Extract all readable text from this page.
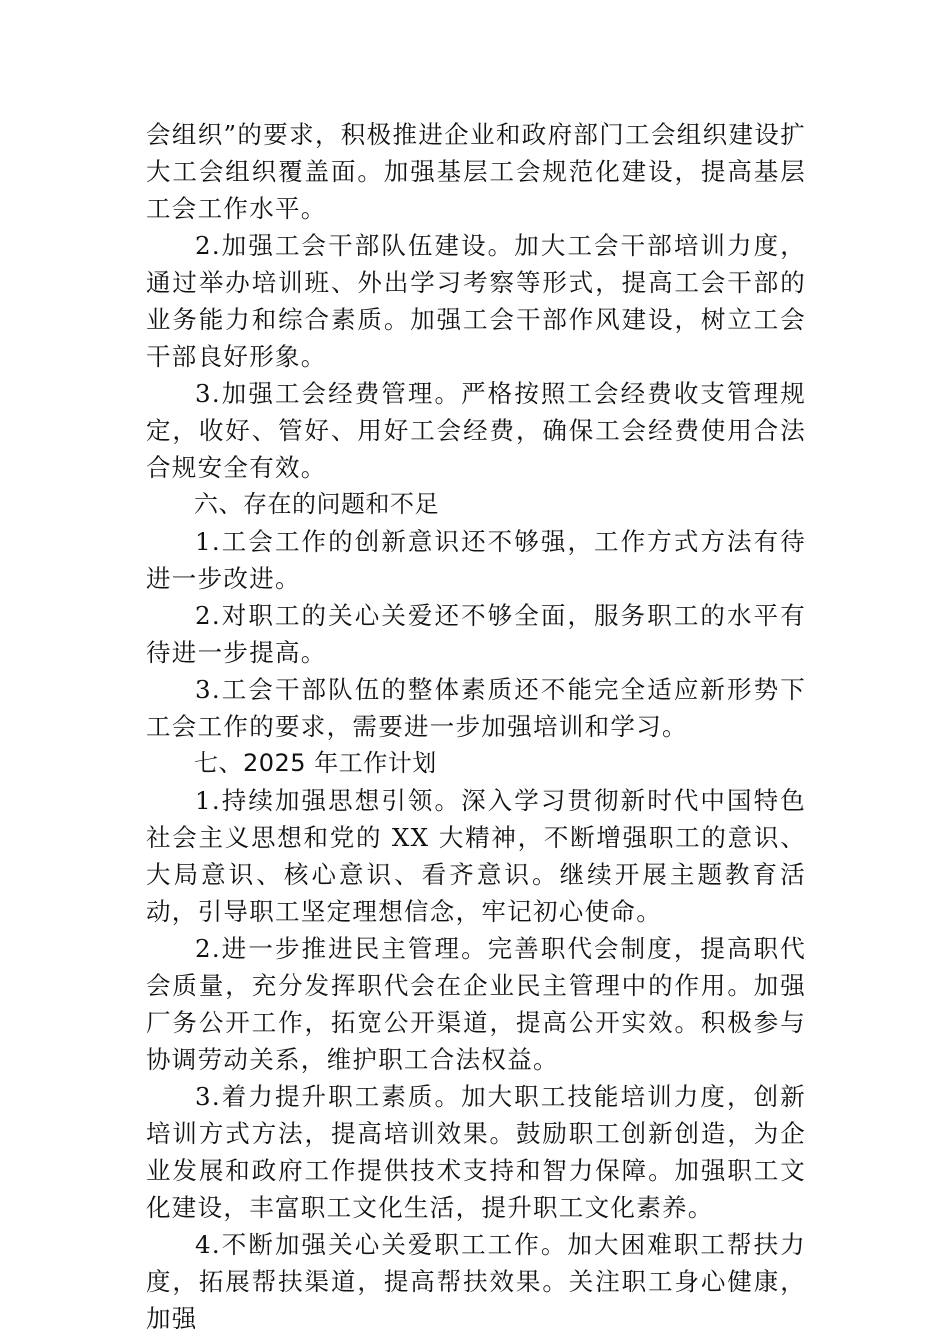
会组织”的要求，积极推进企业和政府部门工会组织建设扩大工会组织覆盖面。加强基层工会规范化建设，提高基层工会工作水平。

2.加强工会干部队伍建设。加大工会干部培训力度，通过举办培训班、外出学习考察等形式，提高工会干部的业务能力和综合素质。加强工会干部作风建设，树立工会干部良好形象。

3.加强工会经费管理。严格按照工会经费收支管理规定，收好、管好、用好工会经费，确保工会经费使用合法合规安全有效。

六、存在的问题和不足

1.工会工作的创新意识还不够强，工作方式方法有待进一步改进。

2.对职工的关心关爱还不够全面，服务职工的水平有待进一步提高。

3.工会干部队伍的整体素质还不能完全适应新形势下工会工作的要求，需要进一步加强培训和学习。

七、2025 年工作计划

1.持续加强思想引领。深入学习贯彻新时代中国特色社会主义思想和党的 XX 大精神，不断增强职工的意识、大局意识、核心意识、看齐意识。继续开展主题教育活动，引导职工坚定理想信念，牢记初心使命。

2.进一步推进民主管理。完善职代会制度，提高职代会质量，充分发挥职代会在企业民主管理中的作用。加强厂务公开工作，拓宽公开渠道，提高公开实效。积极参与协调劳动关系，维护职工合法权益。

3.着力提升职工素质。加大职工技能培训力度，创新培训方式方法，提高培训效果。鼓励职工创新创造，为企业发展和政府工作提供技术支持和智力保障。加强职工文化建设，丰富职工文化生活，提升职工文化素养。

4.不断加强关心关爱职工工作。加大困难职工帮扶力度，拓展帮扶渠道，提高帮扶效果。关注职工身心健康，加强
